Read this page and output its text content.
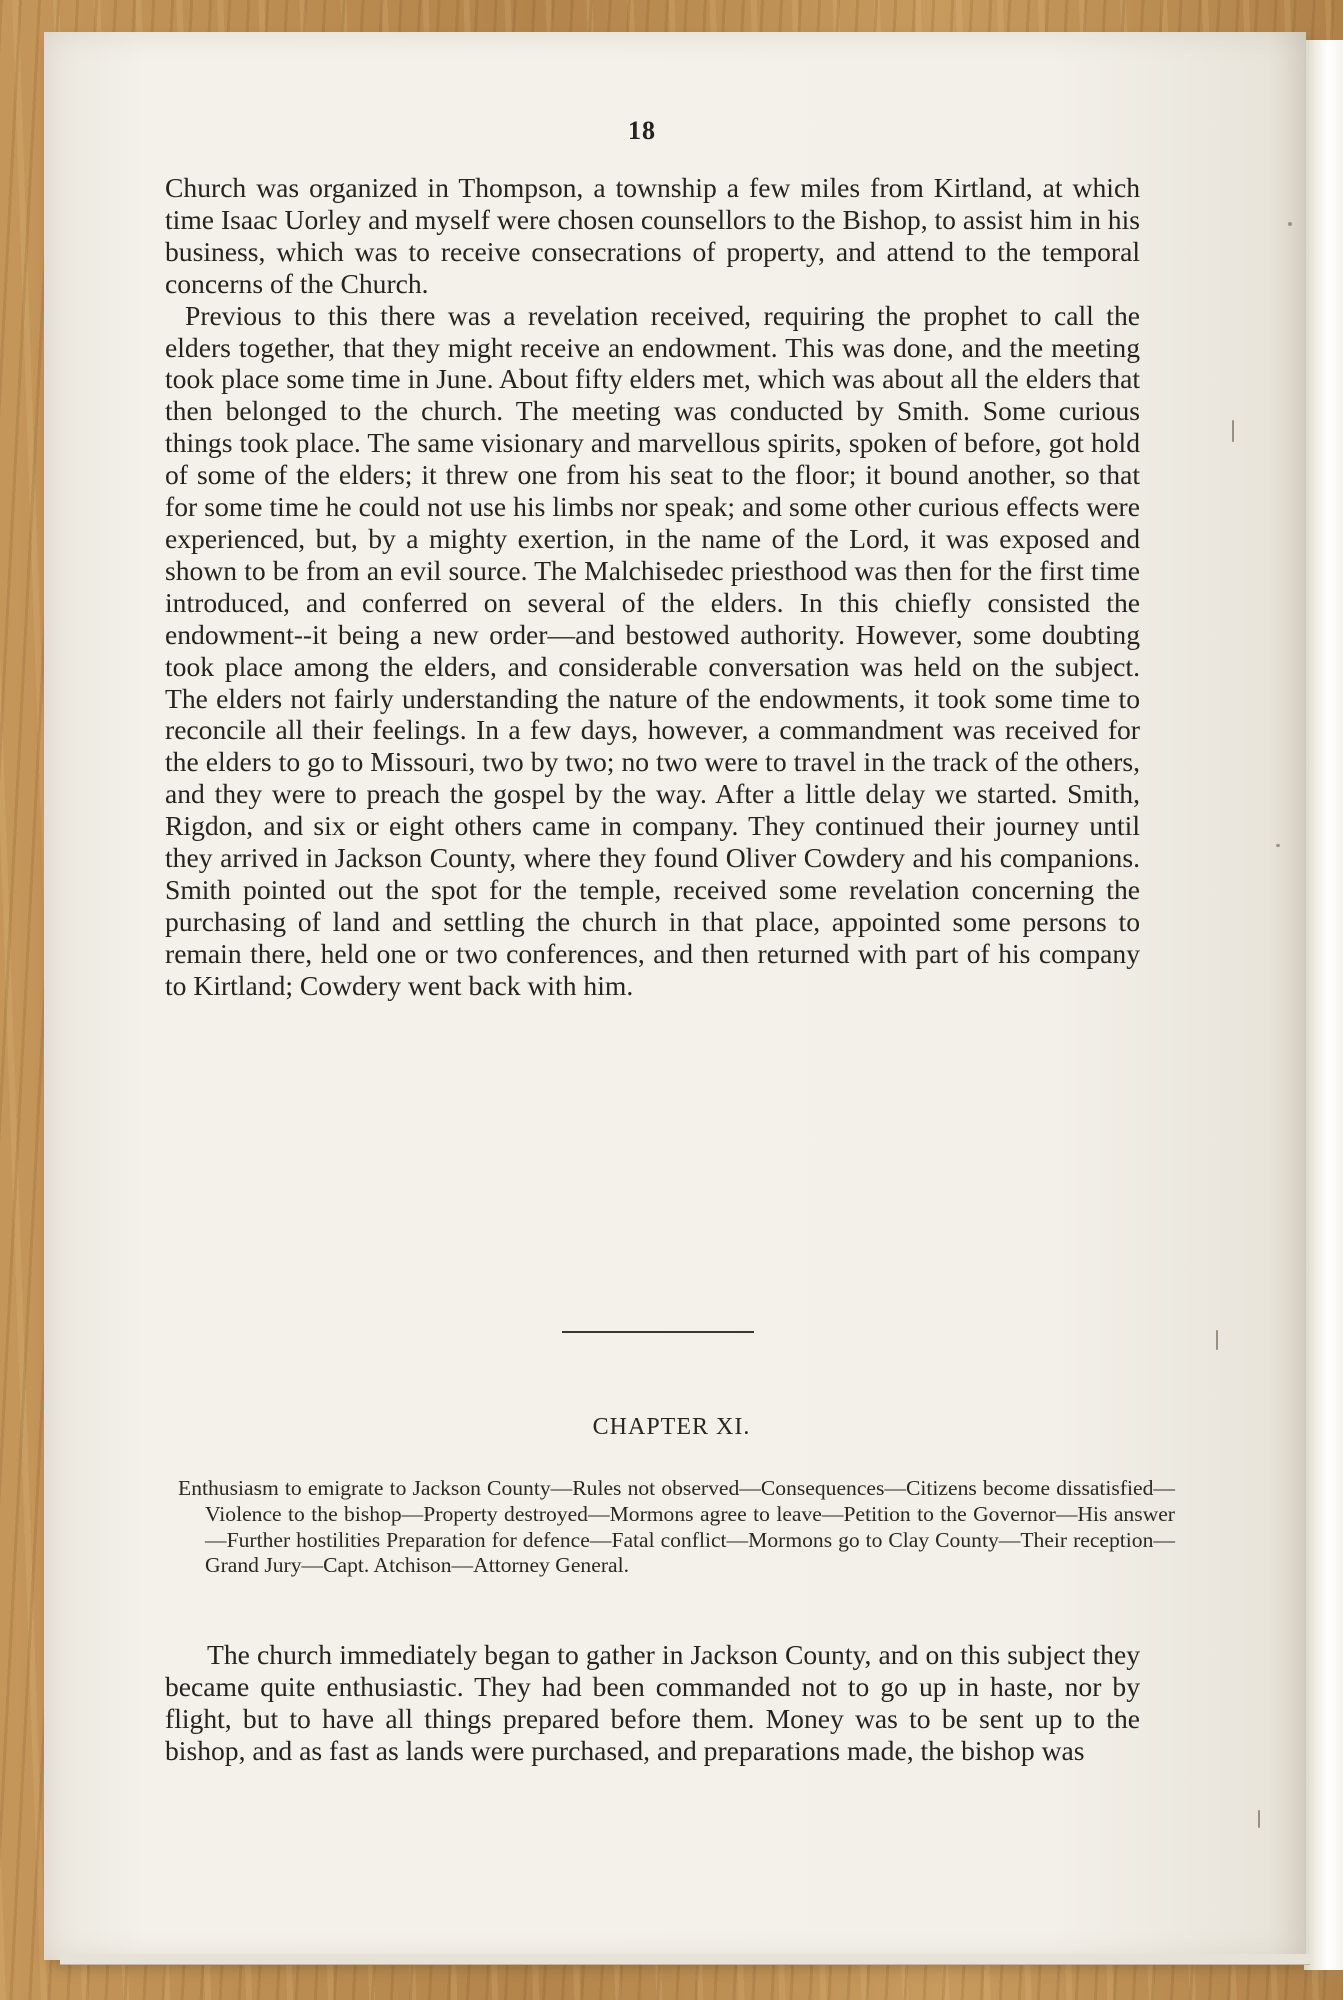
18

Church was organized in Thompson, a township a few miles from Kirtland, at which time Isaac Uorley and myself were chosen counsellors to the Bishop, to assist him in his business, which was to receive consecrations of property, and attend to the temporal concerns of the Church.

Previous to this there was a revelation received, requiring the prophet to call the elders together, that they might receive an endowment. This was done, and the meeting took place some time in June. About fifty elders met, which was about all the elders that then belonged to the church. The meeting was conducted by Smith. Some curious things took place. The same visionary and marvellous spirits, spoken of before, got hold of some of the elders; it threw one from his seat to the floor; it bound another, so that for some time he could not use his limbs nor speak; and some other curious effects were experienced, but, by a mighty exertion, in the name of the Lord, it was exposed and shown to be from an evil source. The Malchisedec priesthood was then for the first time introduced, and conferred on several of the elders. In this chiefly consisted the endowment--it being a new order—and bestowed authority. However, some doubting took place among the elders, and considerable conversation was held on the subject. The elders not fairly understanding the nature of the endowments, it took some time to reconcile all their feelings. In a few days, however, a commandment was received for the elders to go to Missouri, two by two; no two were to travel in the track of the others, and they were to preach the gospel by the way. After a little delay we started. Smith, Rigdon, and six or eight others came in company. They continued their journey until they arrived in Jackson County, where they found Oliver Cowdery and his companions. Smith pointed out the spot for the temple, received some revelation concerning the purchasing of land and settling the church in that place, appointed some persons to remain there, held one or two conferences, and then returned with part of his company to Kirtland; Cowdery went back with him.

CHAPTER XI.
Enthusiasm to emigrate to Jackson County—Rules not observed—Consequences—Citizens become dissatisfied—Violence to the bishop—Property destroyed—Mormons agree to leave—Petition to the Governor—His answer—Further hostilities Preparation for defence—Fatal conflict—Mormons go to Clay County—Their reception—Grand Jury—Capt. Atchison—Attorney General.

The church immediately began to gather in Jackson County, and on this subject they became quite enthusiastic. They had been commanded not to go up in haste, nor by flight, but to have all things prepared before them. Money was to be sent up to the bishop, and as fast as lands were purchased, and preparations made, the bishop was
